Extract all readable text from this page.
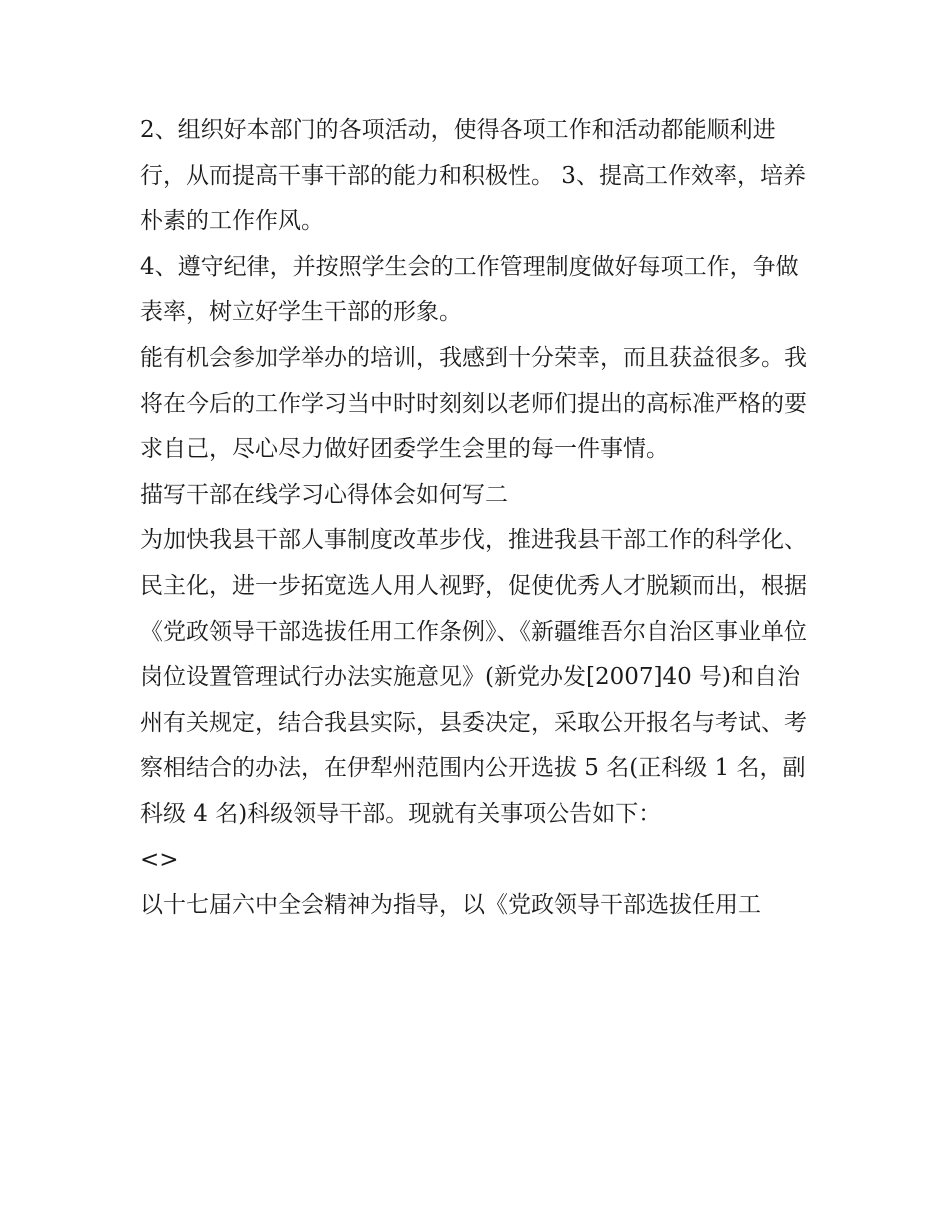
2、组织好本部门的各项活动，使得各项工作和活动都能顺利进行，从而提高干事干部的能力和积极性。 3、提高工作效率，培养朴素的工作作风。

4、遵守纪律，并按照学生会的工作管理制度做好每项工作，争做表率，树立好学生干部的形象。

能有机会参加学举办的培训，我感到十分荣幸，而且获益很多。我将在今后的工作学习当中时时刻刻以老师们提出的高标准严格的要求自己，尽心尽力做好团委学生会里的每一件事情。

描写干部在线学习心得体会如何写二

为加快我县干部人事制度改革步伐，推进我县干部工作的科学化、民主化，进一步拓宽选人用人视野，促使优秀人才脱颖而出，根据《党政领导干部选拔任用工作条例》、《新疆维吾尔自治区事业单位岗位设置管理试行办法实施意见》(新党办发[2007]40 号)和自治州有关规定，结合我县实际，县委决定，采取公开报名与考试、考察相结合的办法，在伊犁州范围内公开选拔 5 名(正科级 1 名，副科级 4 名)科级领导干部。现就有关事项公告如下：

<>

以十七届六中全会精神为指导，以《党政领导干部选拔任用工
